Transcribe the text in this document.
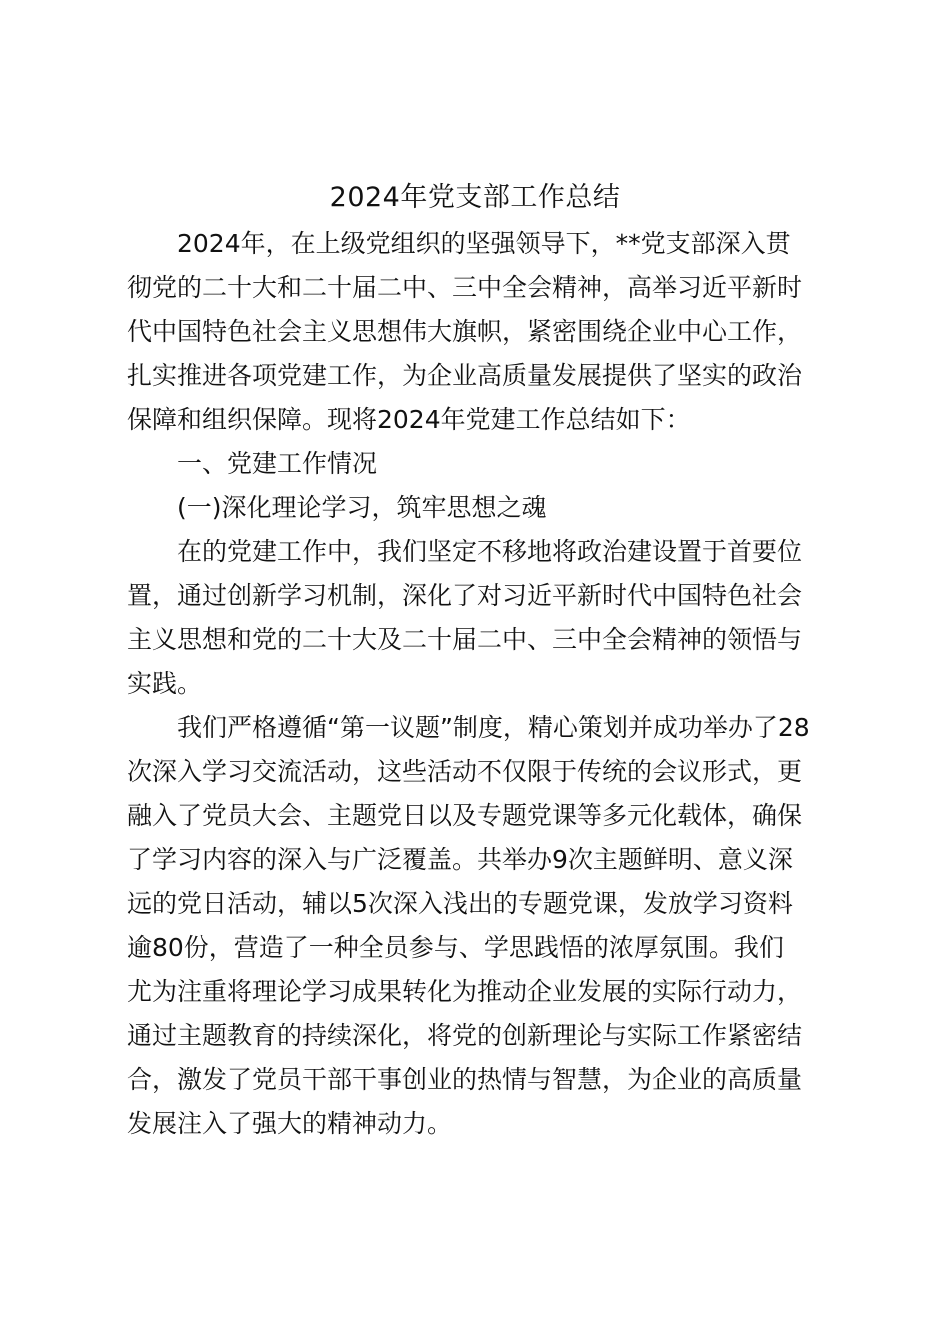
2024年党支部工作总结
2024年，在上级党组织的坚强领导下，**党支部深入贯
彻党的二十大和二十届二中、三中全会精神，高举习近平新时
代中国特色社会主义思想伟大旗帜，紧密围绕企业中心工作，
扎实推进各项党建工作，为企业高质量发展提供了坚实的政治
保障和组织保障。现将2024年党建工作总结如下：
一、党建工作情况
(一)深化理论学习，筑牢思想之魂
在的党建工作中，我们坚定不移地将政治建设置于首要位
置，通过创新学习机制，深化了对习近平新时代中国特色社会
主义思想和党的二十大及二十届二中、三中全会精神的领悟与
实践。
我们严格遵循“第一议题”制度，精心策划并成功举办了28
次深入学习交流活动，这些活动不仅限于传统的会议形式，更
融入了党员大会、主题党日以及专题党课等多元化载体，确保
了学习内容的深入与广泛覆盖。共举办9次主题鲜明、意义深
远的党日活动，辅以5次深入浅出的专题党课，发放学习资料
逾80份，营造了一种全员参与、学思践悟的浓厚氛围。我们
尤为注重将理论学习成果转化为推动企业发展的实际行动力，
通过主题教育的持续深化，将党的创新理论与实际工作紧密结
合，激发了党员干部干事创业的热情与智慧，为企业的高质量
发展注入了强大的精神动力。
